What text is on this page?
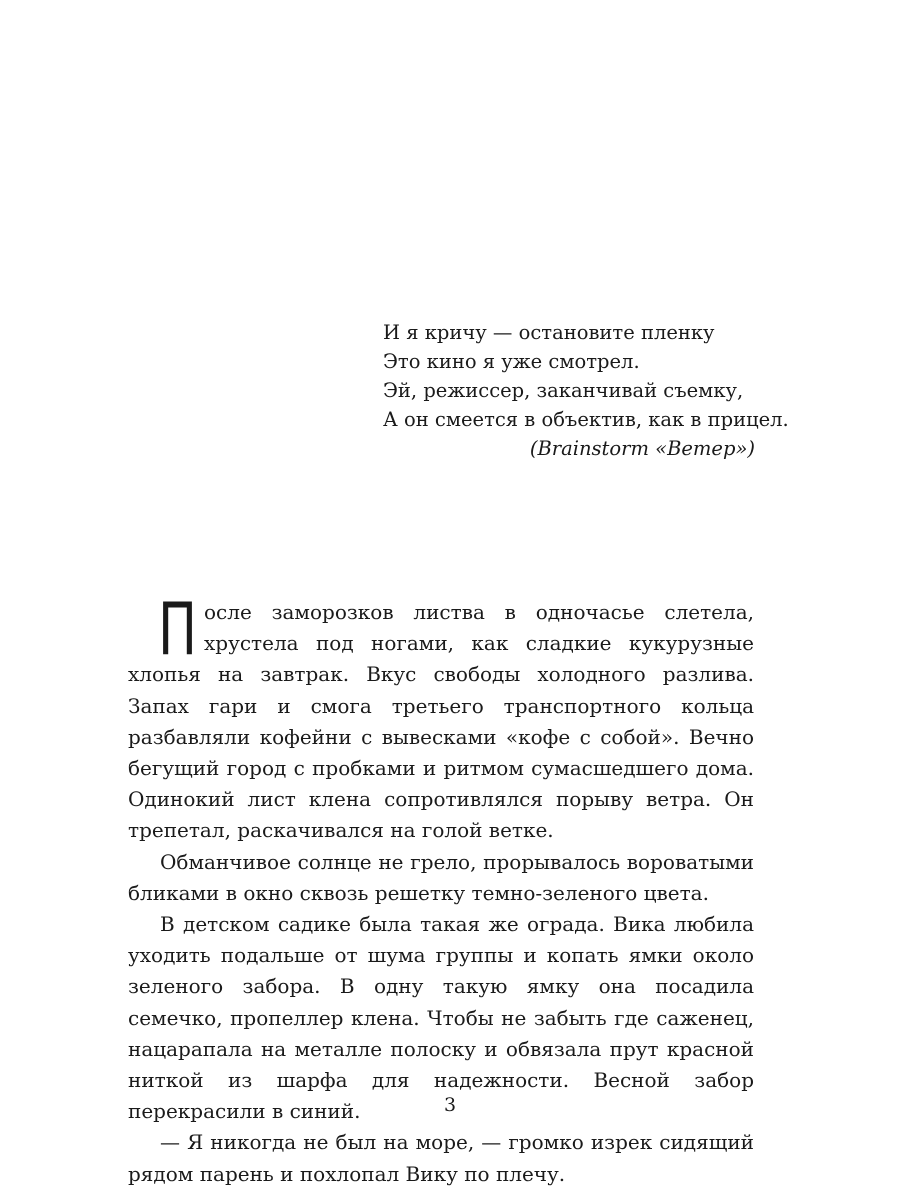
И я кричу — остановите пленку
Это кино я уже смотрел.
Эй, режиссер, заканчивай съемку,
А он смеется в объектив, как в прицел.
(Brainstorm «Ветер»)

После заморозков листва в одночасье слетела, хрустела под ногами, как сладкие кукурузные хлопья на завтрак. Вкус свободы холодного разлива. Запах гари и смога третьего транспортного кольца разбавляли кофейни с вывесками «кофе с собой». Вечно бегущий город с пробками и ритмом сумасшедшего дома. Одинокий лист клена сопротивлялся порыву ветра. Он трепетал, раскачивался на голой ветке.

Обманчивое солнце не грело, прорывалось вороватыми бликами в окно сквозь решетку темно-зеленого цвета.

В детском садике была такая же ограда. Вика любила уходить подальше от шума группы и копать ямки около зеленого забора. В одну такую ямку она посадила семечко, пропеллер клена. Чтобы не забыть где саженец, нацарапала на металле полоску и обвязала прут красной ниткой из шарфа для надежности. Весной забор перекрасили в синий.

— Я никогда не был на море, — громко изрек сидящий рядом парень и похлопал Вику по плечу.

3
